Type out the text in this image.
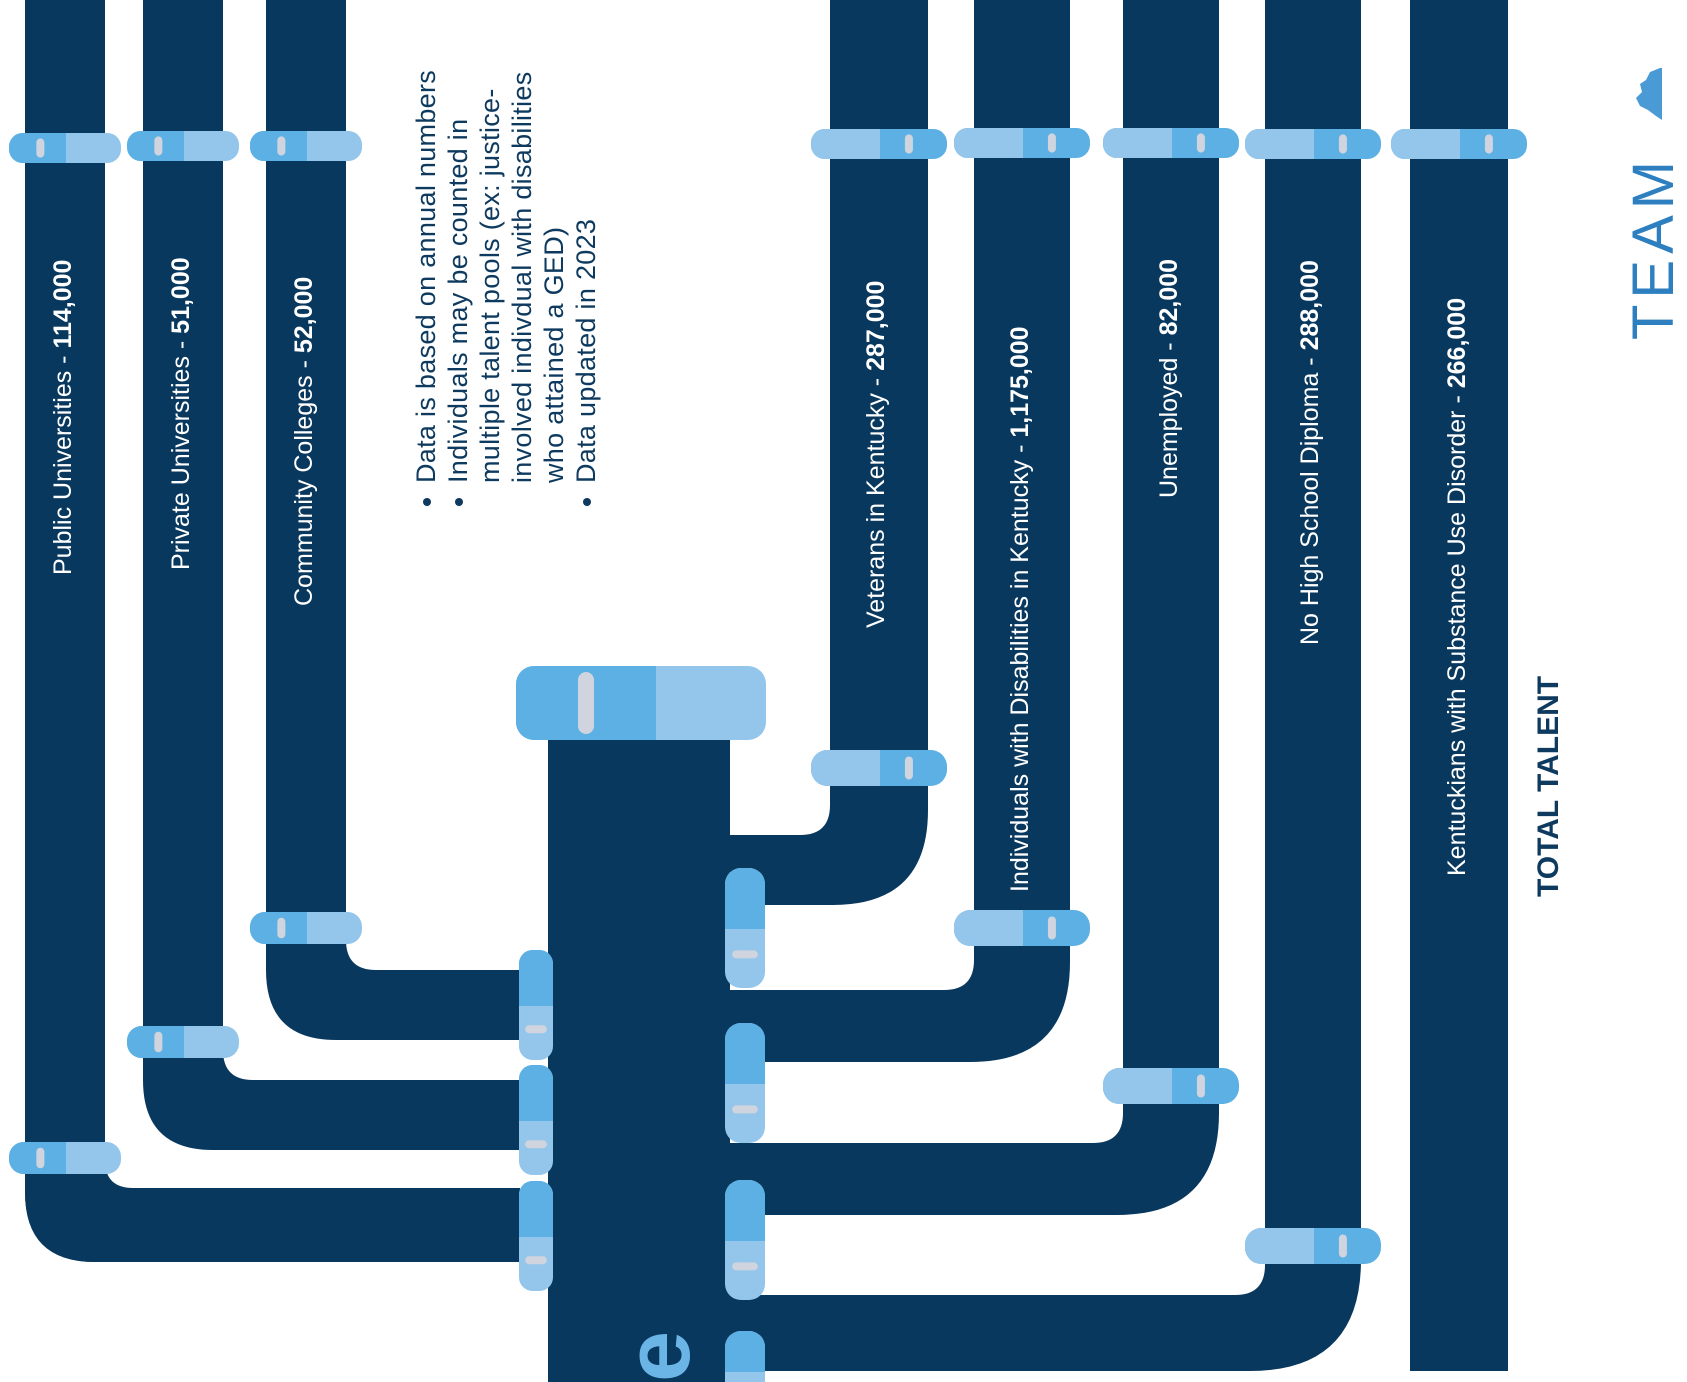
Public Universities - 114,000
Private Universities - 51,000
Community Colleges - 52,000	• Data is based on annual numbers • Individuals may be counted in multiple talent pools (ex: justice-involved indivdual with disabilities who attained a GED) • Data updated in 2023
Veterans in Kentucky - 287,000
Individuals with Disabilities in Kentucky - 1,175,000	Unemployed - 82,000
No High School Diploma - 288,000
Kentuckians with Substance Use Disorder - 266,000
TOTAL TALENT
TEAM
e
